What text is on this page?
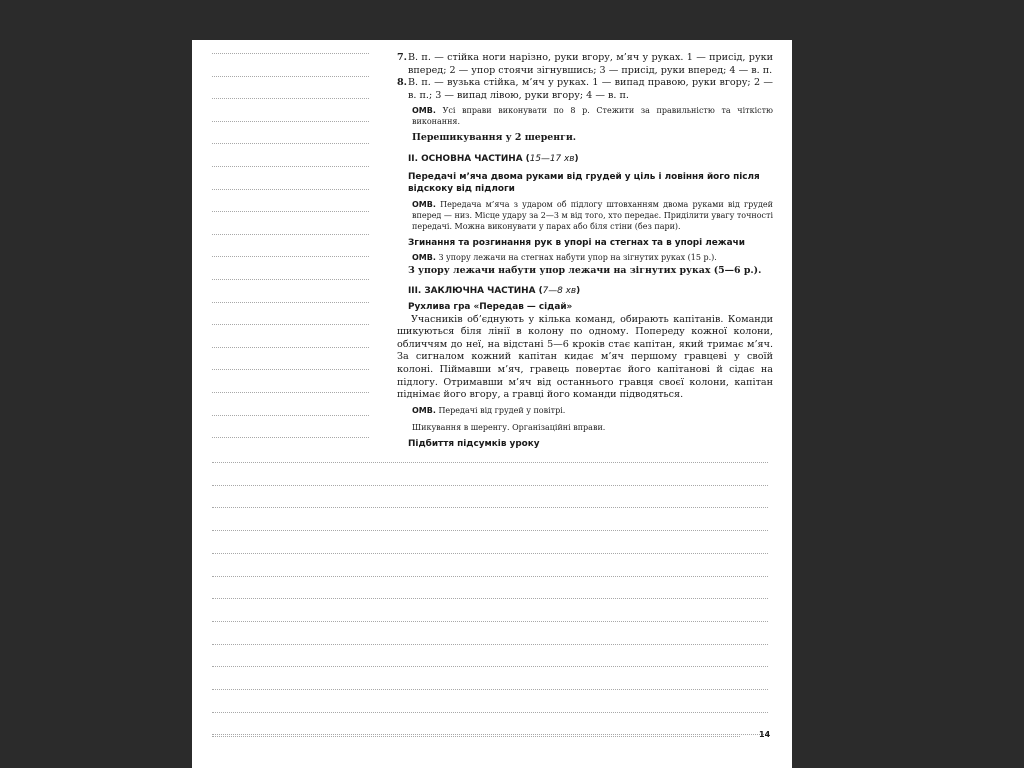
7. В. п. — стійка ноги нарізно, руки вгору, м’яч у руках. 1 — присід, руки вперед; 2 — упор стоячи зігнувшись; 3 — присід, руки вперед; 4 — в. п.
8. В. п. — вузька стійка, м’яч у руках. 1 — випад правою, руки вгору; 2 — в. п.; 3 — випад лівою, руки вгору; 4 — в. п.
ОМВ. Усі вправи виконувати по 8 р. Стежити за правильністю та чіткістю виконання.
Перешикування у 2 шеренги.
II. ОСНОВНА ЧАСТИНА (15—17 хв)
Передачі м’яча двома руками від грудей у ціль і ловіння його після відскоку від підлоги
ОМВ. Передача м’яча з ударом об підлогу штовханням двома руками від грудей вперед — низ. Місце удару за 2—3 м від того, хто передає. Приділити увагу точності передачі. Можна виконувати у парах або біля стіни (без пари).
Згинання та розгинання рук в упорі на стегнах та в упорі лежачи
ОМВ. З упору лежачи на стегнах набути упор на зігнутих руках (15 р.).
З упору лежачи набути упор лежачи на зігнутих руках (5—6 р.).
III. ЗАКЛЮЧНА ЧАСТИНА (7—8 хв)
Рухлива гра «Передав — сідай»

Учасників об’єднують у кілька команд, обирають капітанів. Команди шикуються біля лінії в колону по одному. Попереду кожної колони, обличчям до неї, на відстані 5—6 кроків стає капітан, який тримає м’яч. За сигналом кожний капітан кидає м’яч першому гравцеві у своїй колоні. Піймавши м’яч, гравець повертає його капітанові й сідає на підлогу. Отримавши м’яч від останнього гравця своєї колони, капітан піднімає його вгору, а гравці його команди підводяться.

ОМВ. Передачі від грудей у повітрі.
Шикування в шеренгу. Організаційні вправи.
Підбиття підсумків уроку
14
